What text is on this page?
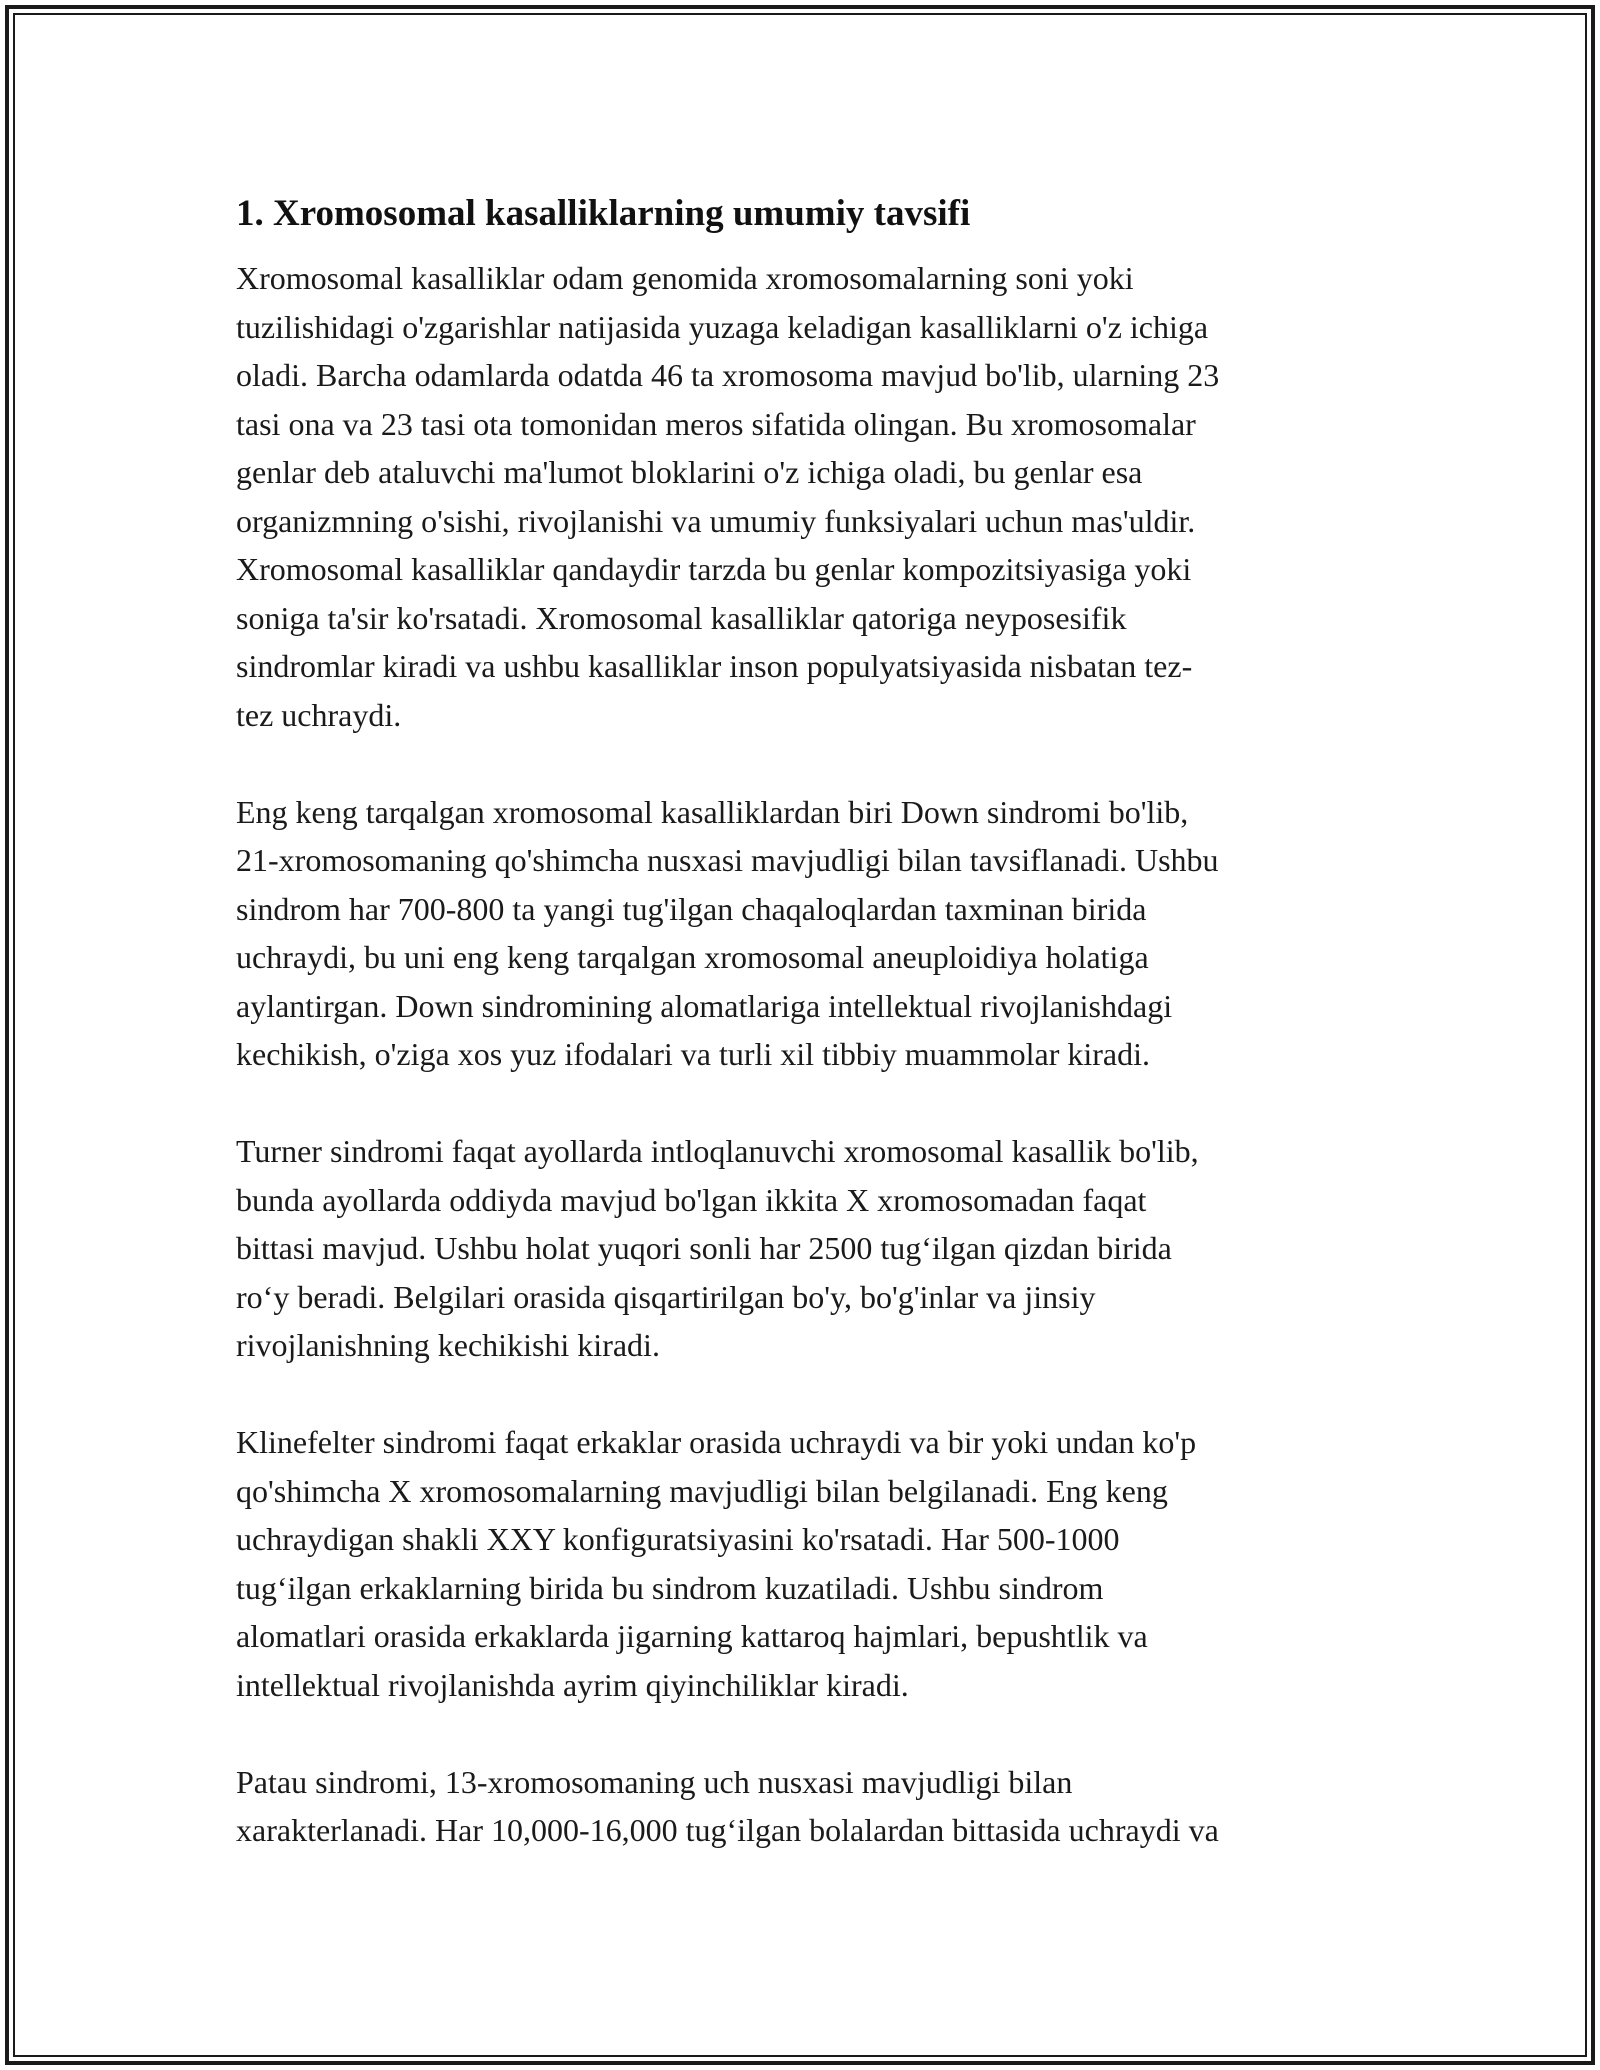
1. Xromosomal kasalliklarning umumiy tavsifi

Xromosomal kasalliklar odam genomida xromosomalarning soni yoki
tuzilishidagi o'zgarishlar natijasida yuzaga keladigan kasalliklarni o'z ichiga
oladi. Barcha odamlarda odatda 46 ta xromosoma mavjud bo'lib, ularning 23
tasi ona va 23 tasi ota tomonidan meros sifatida olingan. Bu xromosomalar
genlar deb ataluvchi ma'lumot bloklarini o'z ichiga oladi, bu genlar esa
organizmning o'sishi, rivojlanishi va umumiy funksiyalari uchun mas'uldir.
Xromosomal kasalliklar qandaydir tarzda bu genlar kompozitsiyasiga yoki
soniga ta'sir ko'rsatadi. Xromosomal kasalliklar qatoriga neyposesifik
sindromlar kiradi va ushbu kasalliklar inson populyatsiyasida nisbatan tez-
tez uchraydi.

Eng keng tarqalgan xromosomal kasalliklardan biri Down sindromi bo'lib,
21-xromosomaning qo'shimcha nusxasi mavjudligi bilan tavsiflanadi. Ushbu
sindrom har 700-800 ta yangi tug'ilgan chaqaloqlardan taxminan birida
uchraydi, bu uni eng keng tarqalgan xromosomal aneuploidiya holatiga
aylantirgan. Down sindromining alomatlariga intellektual rivojlanishdagi
kechikish, o'ziga xos yuz ifodalari va turli xil tibbiy muammolar kiradi.

Turner sindromi faqat ayollarda intloqlanuvchi xromosomal kasallik bo'lib,
bunda ayollarda oddiyda mavjud bo'lgan ikkita X xromosomadan faqat
bittasi mavjud. Ushbu holat yuqori sonli har 2500 tug‘ilgan qizdan birida
ro‘y beradi. Belgilari orasida qisqartirilgan bo'y, bo'g'inlar va jinsiy
rivojlanishning kechikishi kiradi.

Klinefelter sindromi faqat erkaklar orasida uchraydi va bir yoki undan ko'p
qo'shimcha X xromosomalarning mavjudligi bilan belgilanadi. Eng keng
uchraydigan shakli XXY konfiguratsiyasini ko'rsatadi. Har 500-1000
tug‘ilgan erkaklarning birida bu sindrom kuzatiladi. Ushbu sindrom
alomatlari orasida erkaklarda jigarning kattaroq hajmlari, bepushtlik va
intellektual rivojlanishda ayrim qiyinchiliklar kiradi.

Patau sindromi, 13-xromosomaning uch nusxasi mavjudligi bilan
xarakterlanadi. Har 10,000-16,000 tug‘ilgan bolalardan bittasida uchraydi va
